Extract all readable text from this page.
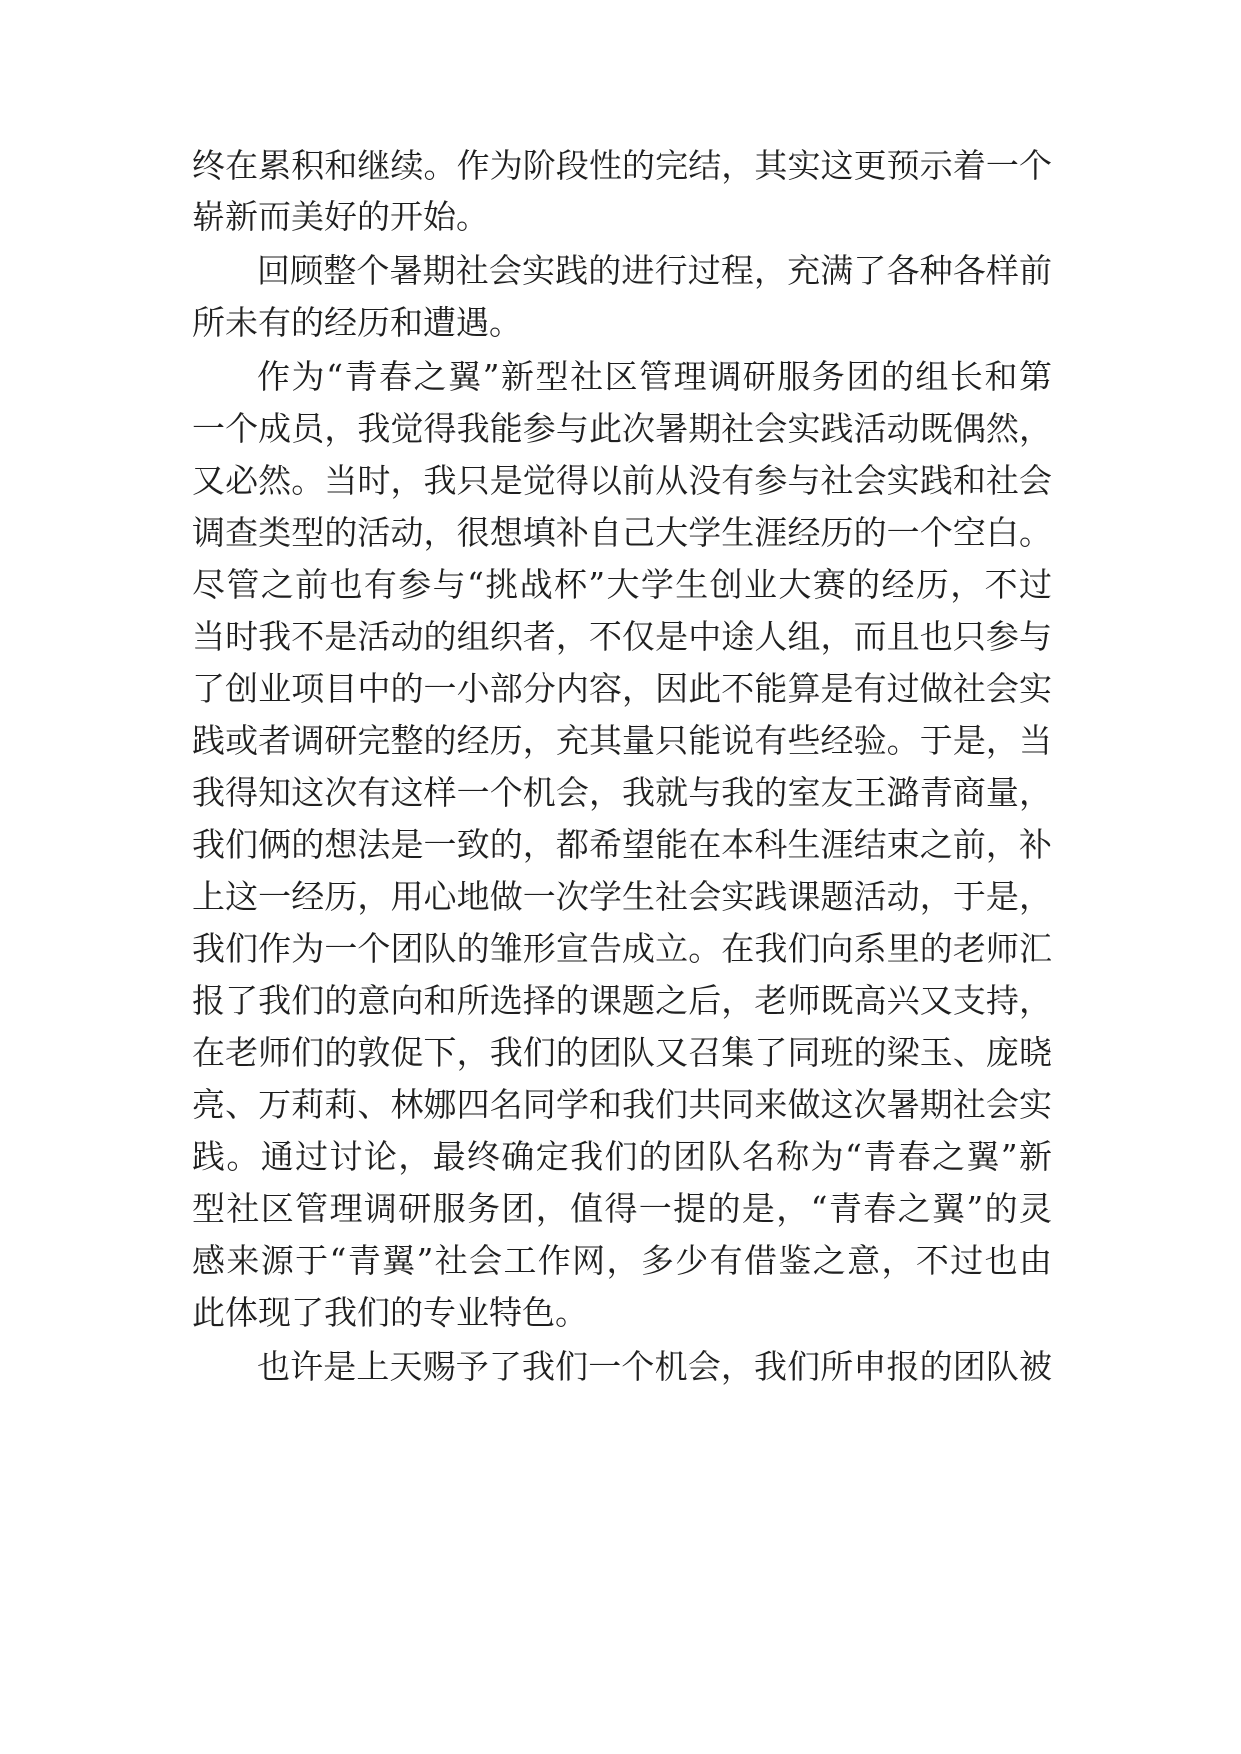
终在累积和继续。作为阶段性的完结，其实这更预示着一个
崭新而美好的开始。
回顾整个暑期社会实践的进行过程，充满了各种各样前
所未有的经历和遭遇。
作为“青春之翼”新型社区管理调研服务团的组长和第
一个成员，我觉得我能参与此次暑期社会实践活动既偶然，
又必然。当时，我只是觉得以前从没有参与社会实践和社会
调查类型的活动，很想填补自己大学生涯经历的一个空白。
尽管之前也有参与“挑战杯”大学生创业大赛的经历，不过
当时我不是活动的组织者，不仅是中途人组，而且也只参与
了创业项目中的一小部分内容，因此不能算是有过做社会实
践或者调研完整的经历，充其量只能说有些经验。于是，当
我得知这次有这样一个机会，我就与我的室友王潞青商量，
我们俩的想法是一致的，都希望能在本科生涯结束之前，补
上这一经历，用心地做一次学生社会实践课题活动，于是，
我们作为一个团队的雏形宣告成立。在我们向系里的老师汇
报了我们的意向和所选择的课题之后，老师既高兴又支持，
在老师们的敦促下，我们的团队又召集了同班的梁玉、庞晓
亮、万莉莉、林娜四名同学和我们共同来做这次暑期社会实
践。通过讨论，最终确定我们的团队名称为“青春之翼”新
型社区管理调研服务团，值得一提的是，“青春之翼”的灵
感来源于“青翼”社会工作网，多少有借鉴之意，不过也由
此体现了我们的专业特色。
也许是上天赐予了我们一个机会，我们所申报的团队被
